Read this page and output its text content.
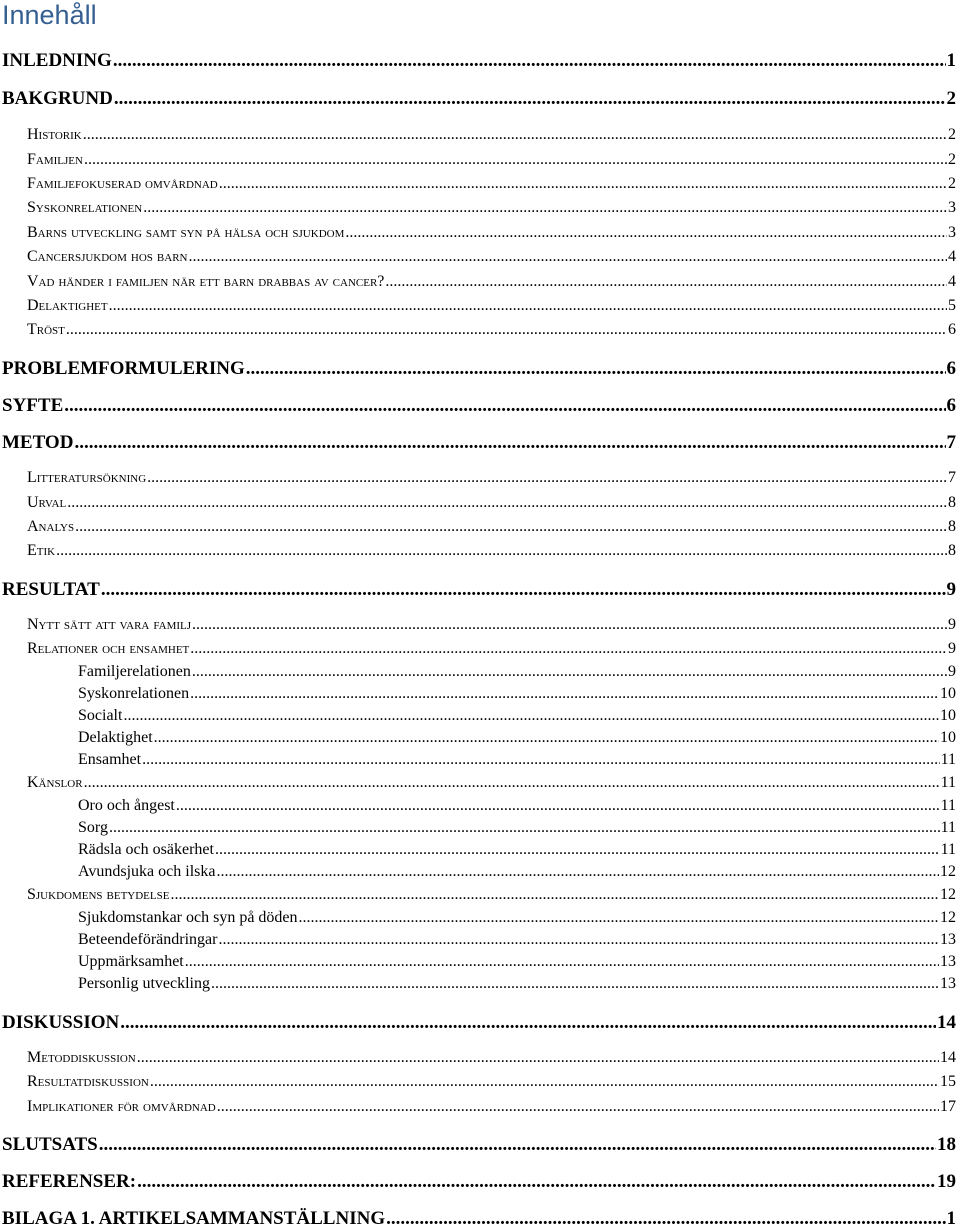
Innehåll
INLEDNING .....	1
BAKGRUND .....	2
Historik .....	2
Familjen .....	2
Familjefokuserad omvårdnad .....	2
Syskonrelationen .....	3
Barns utveckling samt syn på hälsa och sjukdom .....	3
Cancersjukdom hos barn .....	4
Vad händer i familjen när ett barn drabbas av cancer? .....	4
Delaktighet .....	5
Tröst .....	6
PROBLEMFORMULERING .....	6
SYFTE .....	6
METOD .....	7
Litteratursökning .....	7
Urval .....	8
Analys .....	8
Etik .....	8
RESULTAT .....	9
Nytt sätt att vara familj .....	9
Relationer och ensamhet .....	9
Familjerelationen .....	9
Syskonrelationen .....	10
Socialt .....	10
Delaktighet .....	10
Ensamhet .....	11
Känslor .....	11
Oro och ångest .....	11
Sorg .....	11
Rädsla och osäkerhet .....	11
Avundsjuka och ilska .....	12
Sjukdomens betydelse .....	12
Sjukdomstankar och syn på döden .....	12
Beteendeförändringar .....	13
Uppmärksamhet .....	13
Personlig utveckling .....	13
DISKUSSION .....	14
Metoddiskussion .....	14
Resultatdiskussion .....	15
Implikationer för omvårdnad .....	17
SLUTSATS .....	18
REFERENSER: .....	19
BILAGA 1. ARTIKELSAMMANSTÄLLNING .....	1
